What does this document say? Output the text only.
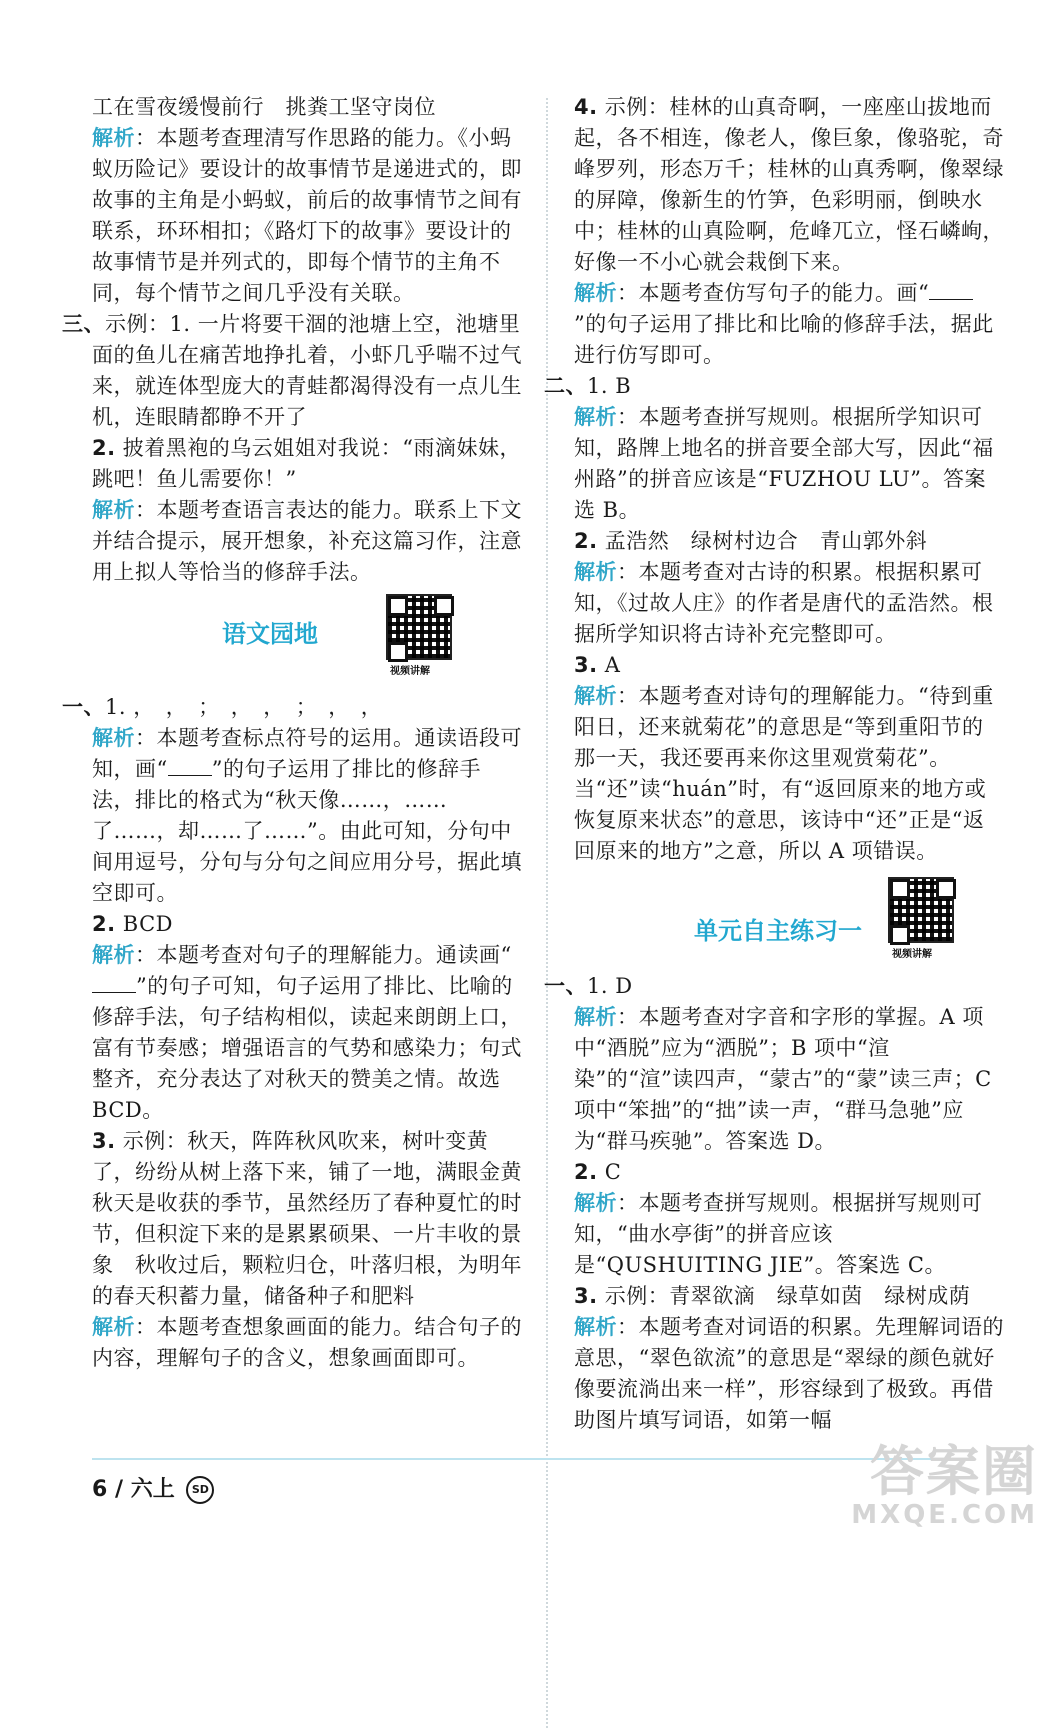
工在雪夜缓慢前行　挑粪工坚守岗位
解析：本题考查理清写作思路的能力。《小蚂蚁历险记》要设计的故事情节是递进式的，即故事的主角是小蚂蚁，前后的故事情节之间有联系，环环相扣；《路灯下的故事》要设计的故事情节是并列式的，即每个情节的主角不同，每个情节之间几乎没有关联。
三、示例：1. 一片将要干涸的池塘上空，池塘里面的鱼儿在痛苦地挣扎着，小虾几乎喘不过气来，就连体型庞大的青蛙都渴得没有一点儿生机，连眼睛都睁不开了
2. 披着黑袍的乌云姐姐对我说：“雨滴妹妹，跳吧！鱼儿需要你！”
解析：本题考查语言表达的能力。联系上下文并结合提示，展开想象，补充这篇习作，注意用上拟人等恰当的修辞手法。
语文园地
视频讲解
一、1. ，　，　；　，　，　；　，　，
解析：本题考查标点符号的运用。通读语段可知，画“ ”的句子运用了排比的修辞手法，排比的格式为“秋天像……，……了……，却……了……”。由此可知，分句中间用逗号，分句与分句之间应用分号，据此填空即可。
2. BCD
解析：本题考查对句子的理解能力。通读画“”的句子可知，句子运用了排比、比喻的修辞手法，句子结构相似，读起来朗朗上口，富有节奏感；增强语言的气势和感染力；句式整齐，充分表达了对秋天的赞美之情。故选 BCD。
3. 示例：秋天，阵阵秋风吹来，树叶变黄了，纷纷从树上落下来，铺了一地，满眼金黄　秋天是收获的季节，虽然经历了春种夏忙的时节，但积淀下来的是累累硕果、一片丰收的景象　秋收过后，颗粒归仓，叶落归根，为明年的春天积蓄力量，储备种子和肥料
解析：本题考查想象画面的能力。结合句子的内容，理解句子的含义，想象画面即可。
4. 示例：桂林的山真奇啊，一座座山拔地而起，各不相连，像老人，像巨象，像骆驼，奇峰罗列，形态万千；桂林的山真秀啊，像翠绿的屏障，像新生的竹笋，色彩明丽，倒映水中；桂林的山真险啊，危峰兀立，怪石嶙峋，好像一不小心就会栽倒下来。
解析：本题考查仿写句子的能力。画“”的句子运用了排比和比喻的修辞手法，据此进行仿写即可。
二、1. B
解析：本题考查拼写规则。根据所学知识可知，路牌上地名的拼音要全部大写，因此“福州路”的拼音应该是“FUZHOU LU”。答案选 B。
2. 孟浩然　绿树村边合　青山郭外斜
解析：本题考查对古诗的积累。根据积累可知，《过故人庄》的作者是唐代的孟浩然。根据所学知识将古诗补充完整即可。
3. A
解析：本题考查对诗句的理解能力。“待到重阳日，还来就菊花”的意思是“等到重阳节的那一天，我还要再来你这里观赏菊花”。当“还”读“huán”时，有“返回原来的地方或恢复原来状态”的意思，该诗中“还”正是“返回原来的地方”之意，所以 A 项错误。
单元自主练习一
视频讲解
一、1. D
解析：本题考查对字音和字形的掌握。A 项中“酒脱”应为“洒脱”；B 项中“渲染”的“渲”读四声，“蒙古”的“蒙”读三声；C 项中“笨拙”的“拙”读一声，“群马急驰”应为“群马疾驰”。答案选 D。
2. C
解析：本题考查拼写规则。根据拼写规则可知，“曲水亭街”的拼音应该是“QUSHUITING JIE”。答案选 C。
3. 示例：青翠欲滴　绿草如茵　绿树成荫
解析：本题考查对词语的积累。先理解词语的意思，“翠色欲流”的意思是“翠绿的颜色就好像要流淌出来一样”，形容绿到了极致。再借助图片填写词语，如第一幅
6 / 六上 SD	答案圈
MXQE.COM
